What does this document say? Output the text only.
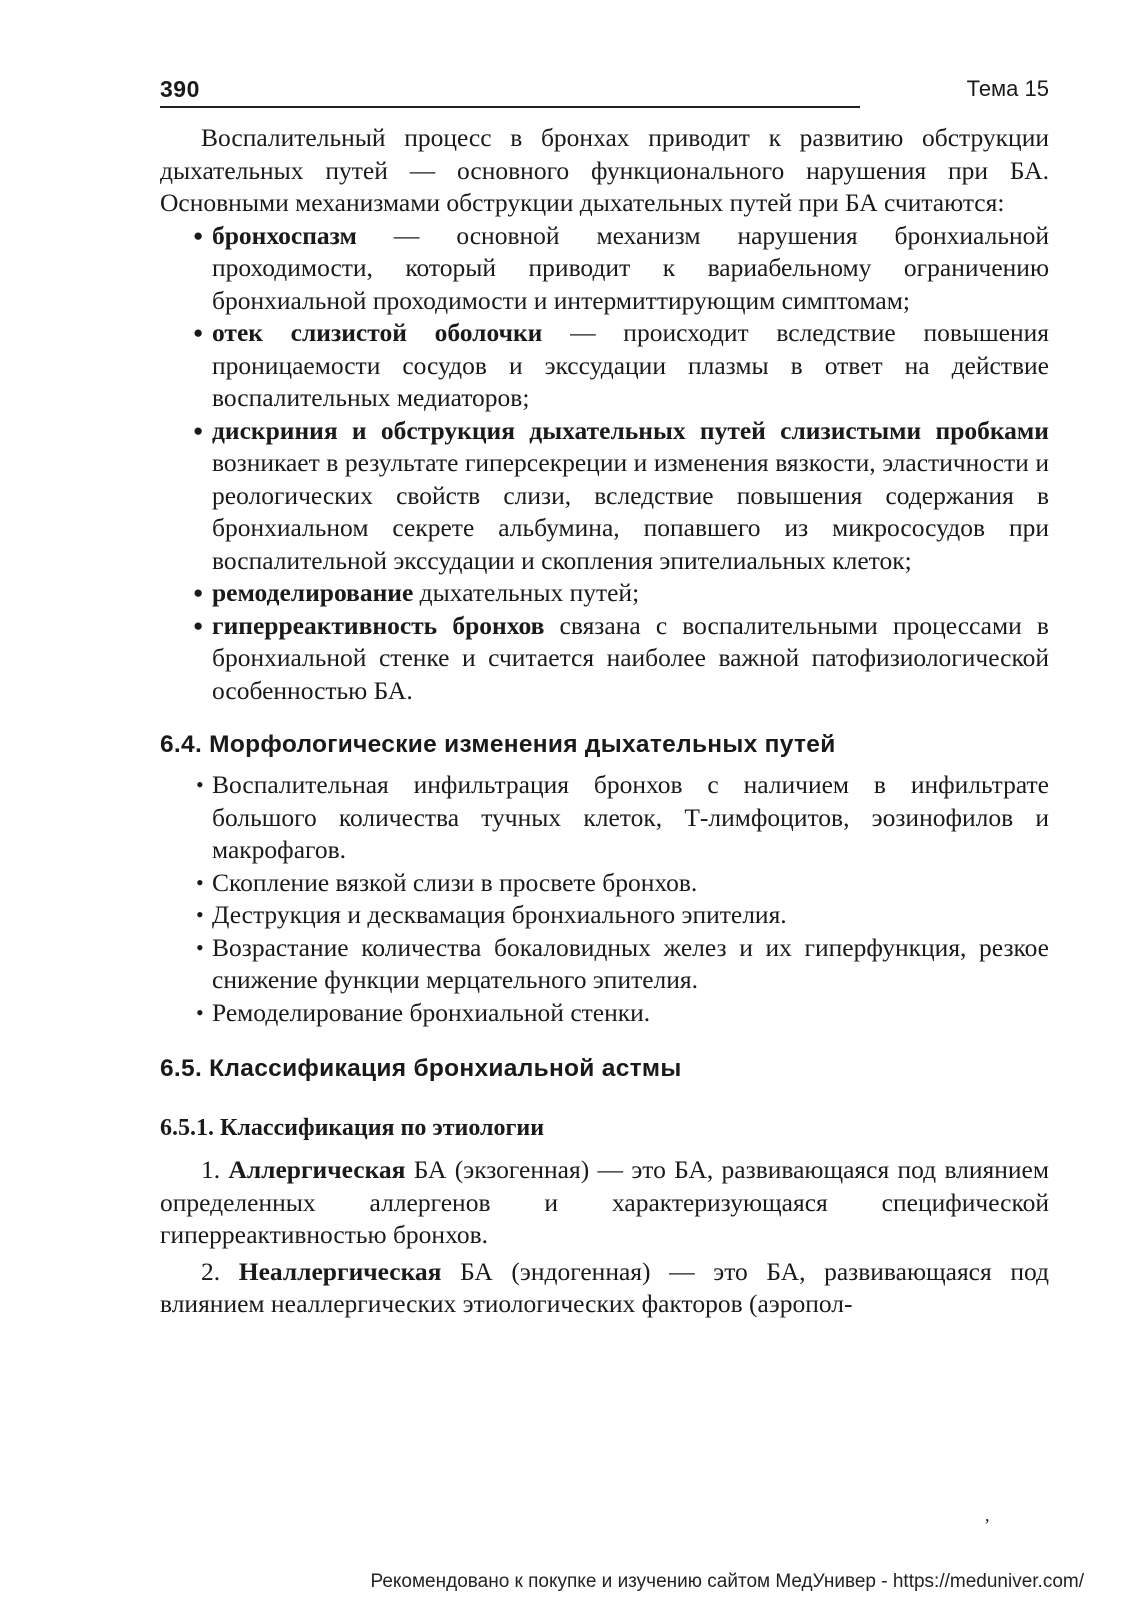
390	Тема 15

Воспалительный процесс в бронхах приводит к развитию обструкции дыхательных путей — основного функционального нарушения при БА. Основными механизмами обструкции дыхательных путей при БА считаются:

● бронхоспазм — основной механизм нарушения бронхиальной проходимости, который приводит к вариабельному ограничению бронхиальной проходимости и интермиттирующим симптомам;
● отек слизистой оболочки — происходит вследствие повышения проницаемости сосудов и экссудации плазмы в ответ на действие воспалительных медиаторов;
● дискриния и обструкция дыхательных путей слизистыми пробками возникает в результате гиперсекреции и изменения вязкости, эластичности и реологических свойств слизи, вследствие повышения содержания в бронхиальном секрете альбумина, попавшего из микрососудов при воспалительной экссудации и скопления эпителиальных клеток;
● ремоделирование дыхательных путей;
● гиперреактивность бронхов связана с воспалительными процессами в бронхиальной стенке и считается наиболее важной патофизиологической особенностью БА.
6.4. Морфологические изменения дыхательных путей
• Воспалительная инфильтрация бронхов с наличием в инфильтрате большого количества тучных клеток, Т-лимфоцитов, эозинофилов и макрофагов.
• Скопление вязкой слизи в просвете бронхов.
• Деструкция и десквамация бронхиального эпителия.
• Возрастание количества бокаловидных желез и их гиперфункция, резкое снижение функции мерцательного эпителия.
• Ремоделирование бронхиальной стенки.
6.5. Классификация бронхиальной астмы
6.5.1. Классификация по этиологии

1. Аллергическая БА (экзогенная) — это БА, развивающаяся под влиянием определенных аллергенов и характеризующаяся специфической гиперреактивностью бронхов.

2. Неаллергическая БА (эндогенная) — это БА, развивающаяся под влиянием неаллергических этиологических факторов (аэропол-

,
Рекомендовано к покупке и изучению сайтом МедУнивер - https://meduniver.com/
